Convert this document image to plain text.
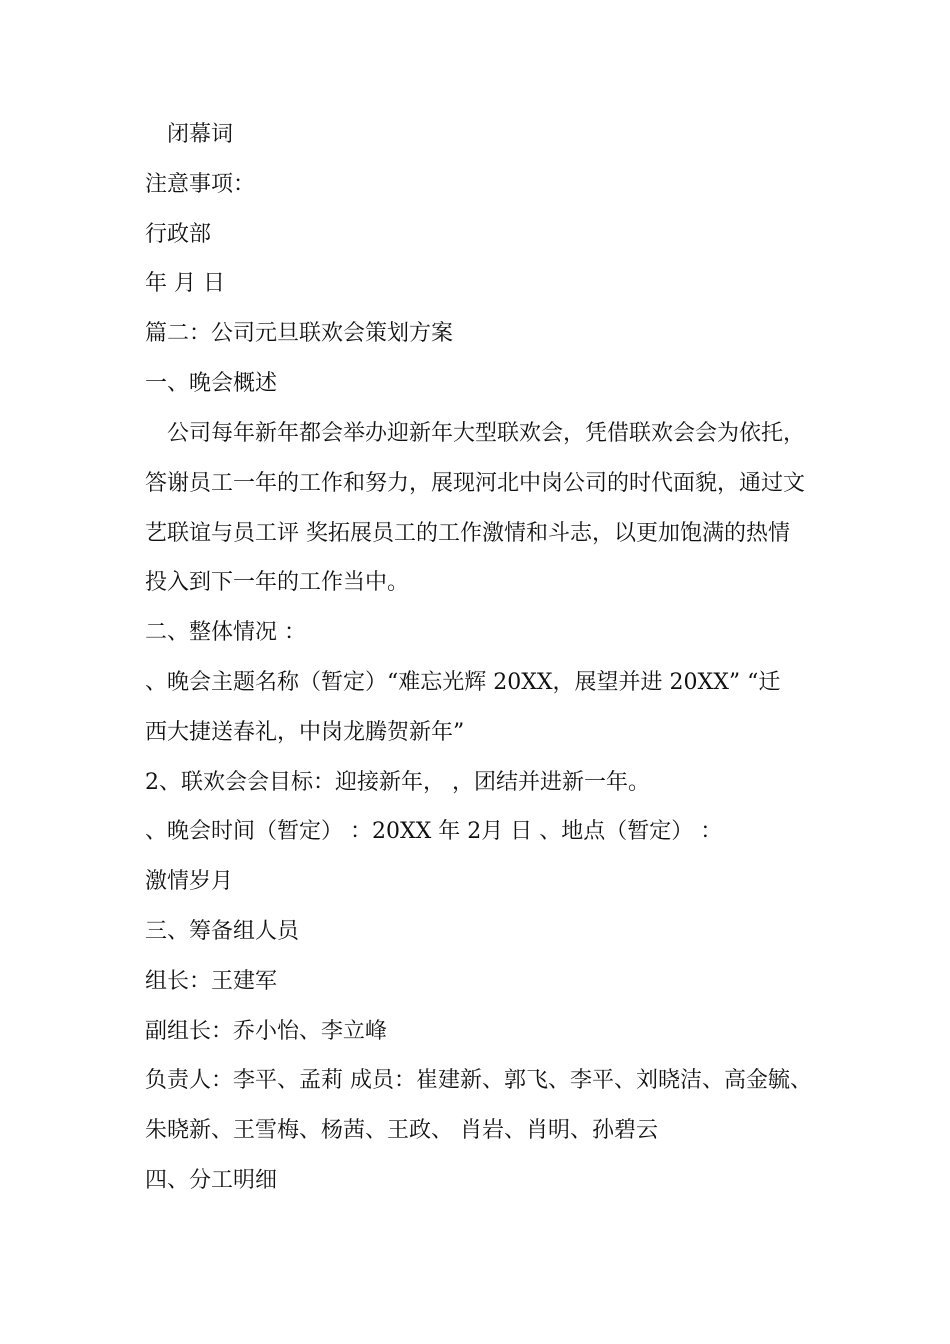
　闭幕词
注意事项：
行政部
年 月 日
篇二：公司元旦联欢会策划方案
一、晚会概述
　公司每年新年都会举办迎新年大型联欢会，凭借联欢会会为依托，
答谢员工一年的工作和努力，展现河北中岗公司的时代面貌，通过文
艺联谊与员工评 奖拓展员工的工作激情和斗志，以更加饱满的热情
投入到下一年的工作当中。
二、整体情况 ：
、晚会主题名称（暂定）“难忘光辉 20XX，展望并进 20XX” “迁
西大捷送春礼，中岗龙腾贺新年”
2、联欢会会目标：迎接新年， ，团结并进新一年。
、晚会时间（暂定） ：20XX 年 2月 日 、地点（暂定） ：
激情岁月
三、筹备组人员
组长：王建军
副组长：乔小怡、李立峰
负责人：李平、孟莉 成员：崔建新、郭飞、李平、刘晓洁、高金毓、
朱晓新、王雪梅、杨茜、王政、 肖岩、肖明、孙碧云
四、分工明细
